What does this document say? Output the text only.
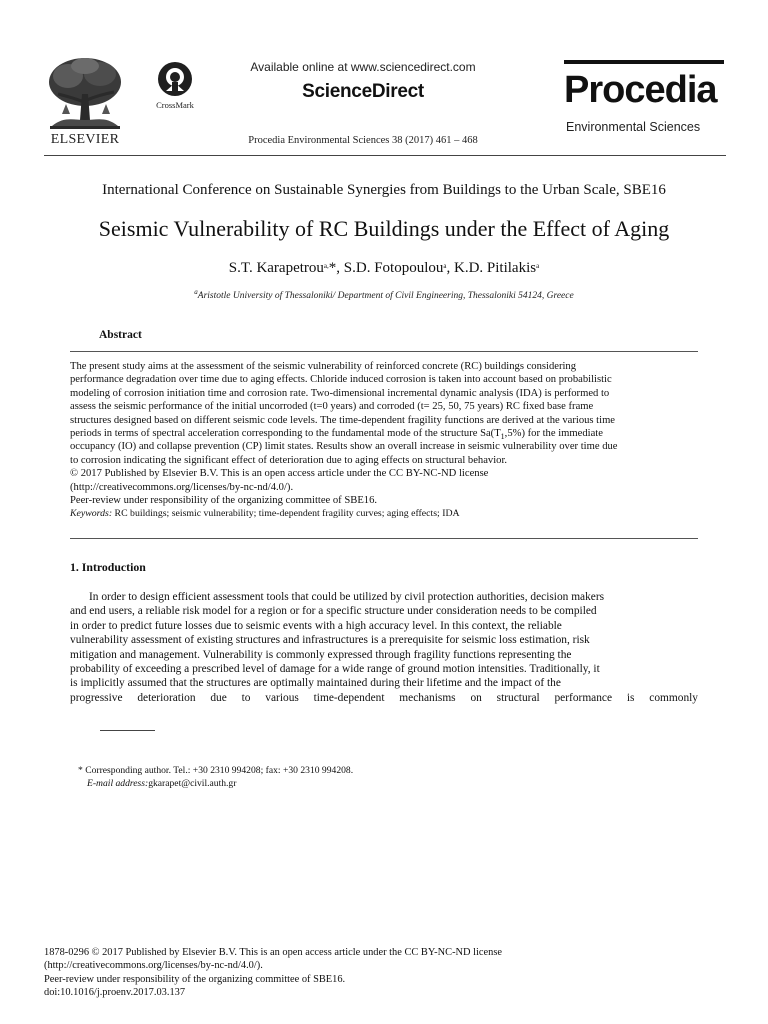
ELSEVIER
CrossMark
Available online at www.sciencedirect.com
ScienceDirect
Procedia Environmental Sciences 38 (2017) 461 – 468
Procedia
Environmental Sciences
International Conference on Sustainable Synergies from Buildings to the Urban Scale, SBE16
Seismic Vulnerability of RC Buildings under the Effect of Aging
S.T. Karapetrou$^{a,}$*, S.D. Fotopoulou$^a$, K.D. Pitilakis$^a$
$^a$Aristotle University of Thessaloniki/ Department of Civil Engineering, Thessaloniki 54124, Greece
Abstract
The present study aims at the assessment of the seismic vulnerability of reinforced concrete (RC) buildings considering
performance degradation over time due to aging effects. Chloride induced corrosion is taken into account based on probabilistic
modeling of corrosion initiation time and corrosion rate. Two-dimensional incremental dynamic analysis (IDA) is performed to
assess the seismic performance of the initial uncorroded (t=0 years) and corroded (t= 25, 50, 75 years) RC fixed base frame
structures designed based on different seismic code levels. The time-dependent fragility functions are derived at the various time
periods in terms of spectral acceleration corresponding to the fundamental mode of the structure $Sa(T_1,5\%)$ for the immediate
occupancy (IO) and collapse prevention (CP) limit states. Results show an overall increase in seismic vulnerability over time due
to corrosion indicating the significant effect of deterioration due to aging effects on structural behavior.
© 2017 Published by Elsevier B.V. This is an open access article under the CC BY-NC-ND license
(http://creativecommons.org/licenses/by-nc-nd/4.0/).
Peer-review under responsibility of the organizing committee of SBE16.
Keywords: RC buildings; seismic vulnerability; time-dependent fragility curves; aging effects; IDA
1. Introduction
In order to design efficient assessment tools that could be utilized by civil protection authorities, decision makers
and end users, a reliable risk model for a region or for a specific structure under consideration needs to be compiled
in order to predict future losses due to seismic events with a high accuracy level. In this context, the reliable
vulnerability assessment of existing structures and infrastructures is a prerequisite for seismic loss estimation, risk
mitigation and management. Vulnerability is commonly expressed through fragility functions representing the
probability of exceeding a prescribed level of damage for a wide range of ground motion intensities. Traditionally, it
is implicitly assumed that the structures are optimally maintained during their lifetime and the impact of the
progressive deterioration due to various time-dependent mechanisms on structural performance is commonly
* Corresponding author. Tel.: +30 2310 994208; fax: +30 2310 994208.
E-mail address:gkarapet@civil.auth.gr
1878-0296 © 2017 Published by Elsevier B.V. This is an open access article under the CC BY-NC-ND license
(http://creativecommons.org/licenses/by-nc-nd/4.0/).
Peer-review under responsibility of the organizing committee of SBE16.
doi:10.1016/j.proenv.2017.03.137
